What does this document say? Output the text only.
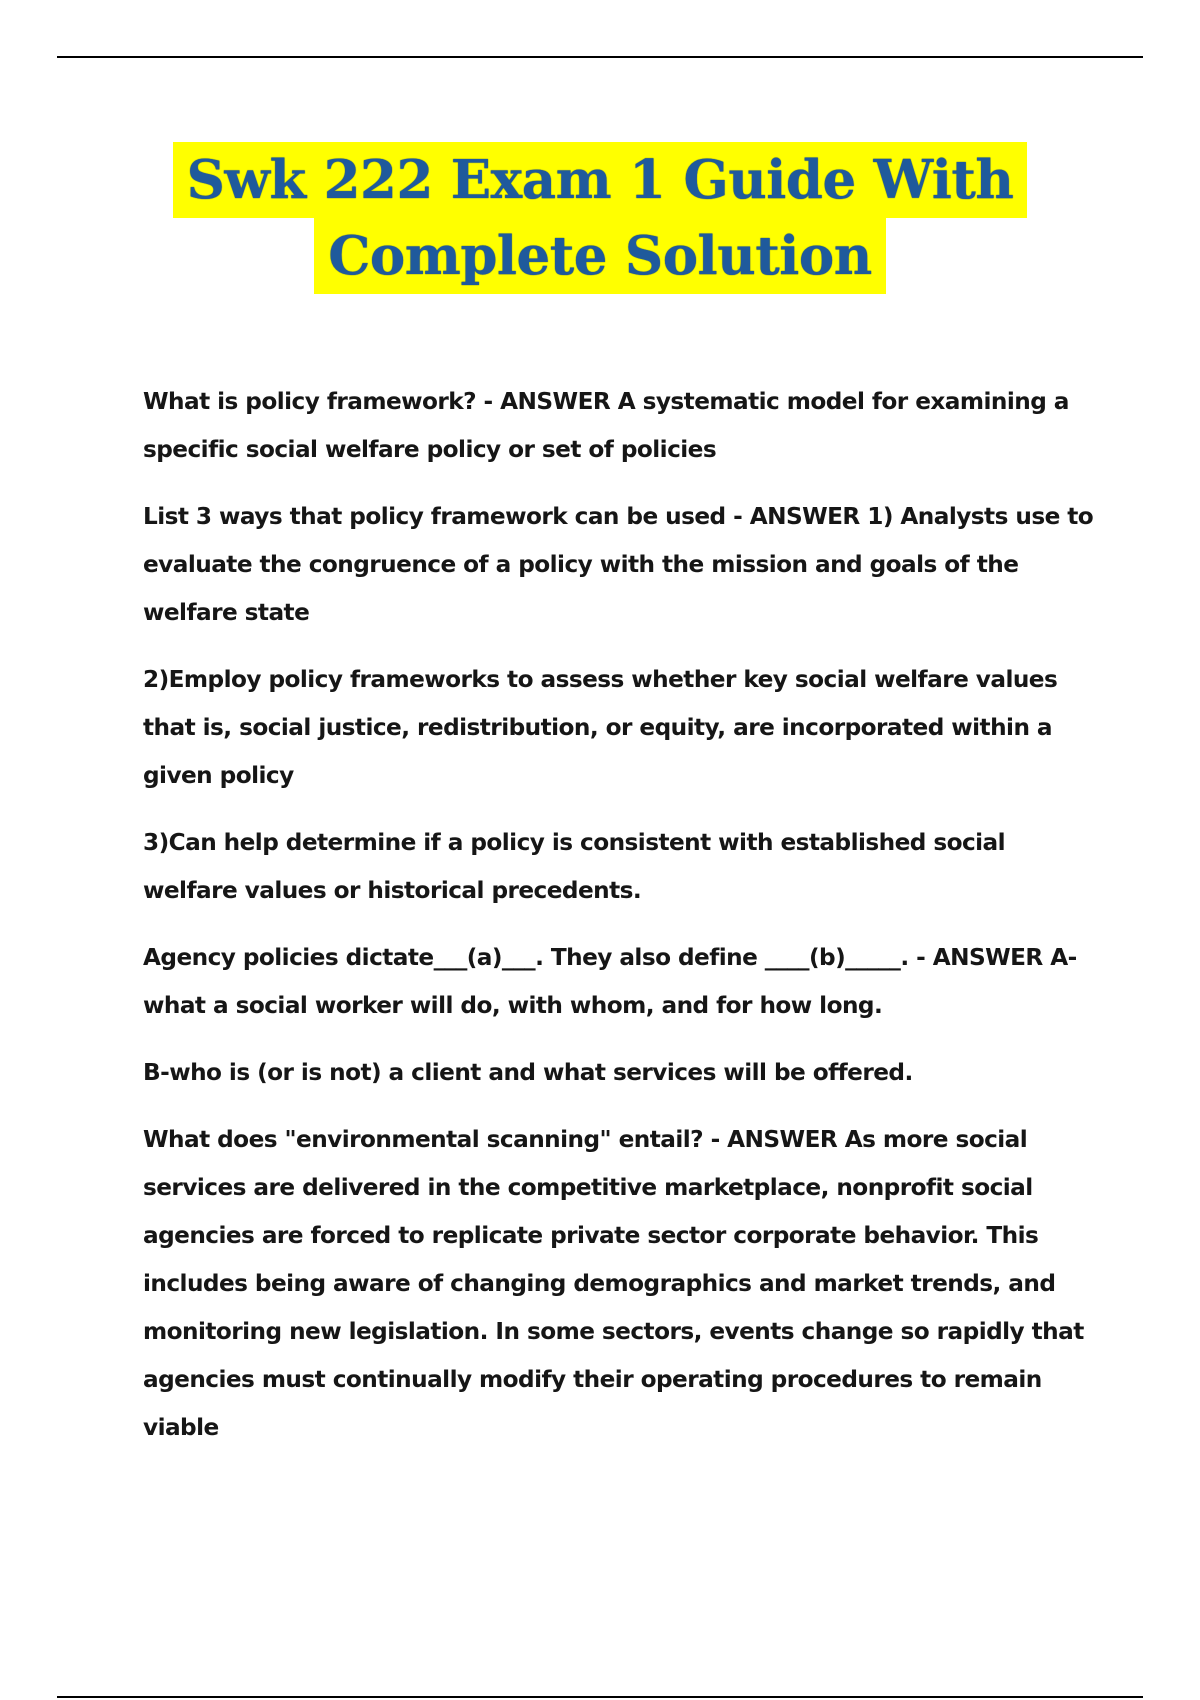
Swk 222 Exam 1 Guide With
Complete Solution

What is policy framework? - ANSWER A systematic model for examining a specific social welfare policy or set of policies

List 3 ways that policy framework can be used - ANSWER 1) Analysts use to evaluate the congruence of a policy with the mission and goals of the welfare state

2)Employ policy frameworks to assess whether key social welfare values that is, social justice, redistribution, or equity, are incorporated within a given policy

3)Can help determine if a policy is consistent with established social welfare values or historical precedents.

Agency policies dictate___(a)___. They also define ____(b)_____. - ANSWER A-what a social worker will do, with whom, and for how long.

B-who is (or is not) a client and what services will be offered.

What does "environmental scanning" entail? - ANSWER As more social services are delivered in the competitive marketplace, nonprofit social agencies are forced to replicate private sector corporate behavior. This includes being aware of changing demographics and market trends, and monitoring new legislation. In some sectors, events change so rapidly that agencies must continually modify their operating procedures to remain viable
